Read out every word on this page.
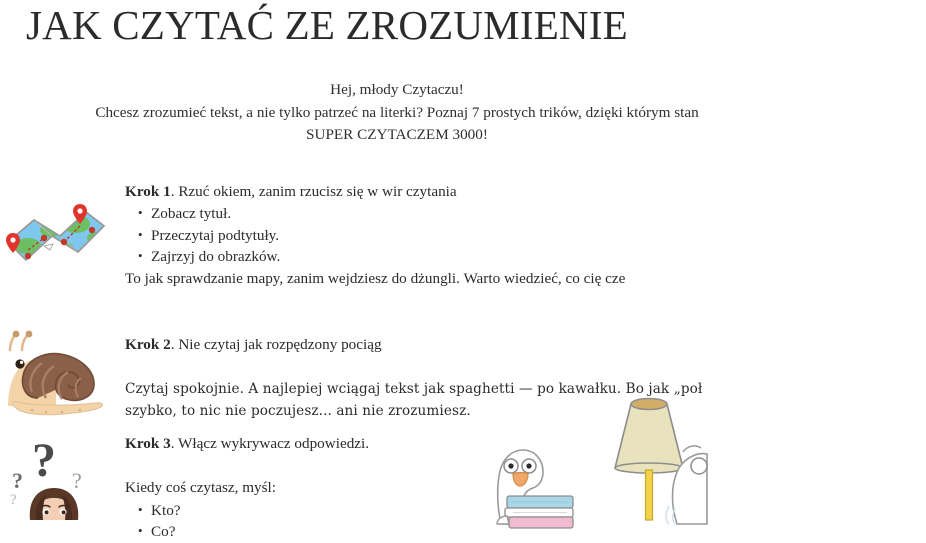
JAK CZYTAĆ ZE ZROZUMIENIE
Hej, młody Czytaczu!
Chcesz zrozumieć tekst, a nie tylko patrzeć na literki? Poznaj 7 prostych trików, dzięki którym stan
SUPER CZYTACZEM 3000!
Krok 1. Rzuć okiem, zanim rzucisz się w wir czytania
• Zobacz tytuł.
• Przeczytaj podtytuły.
• Zajrzyj do obrazków.
To jak sprawdzanie mapy, zanim wejdziesz do dżungli. Warto wiedzieć, co cię cze
Krok 2. Nie czytaj jak rozpędzony pociąg
Czytaj spokojnie. A najlepiej wciągaj tekst jak spaghetti — po kawałku. Bo jak „poł
szybko, to nic nie poczujesz... ani nie zrozumiesz.
Krok 3. Włącz wykrywacz odpowiedzi.
Kiedy coś czytasz, myśl:
• Kto?
• Co?
?
? ?
?
